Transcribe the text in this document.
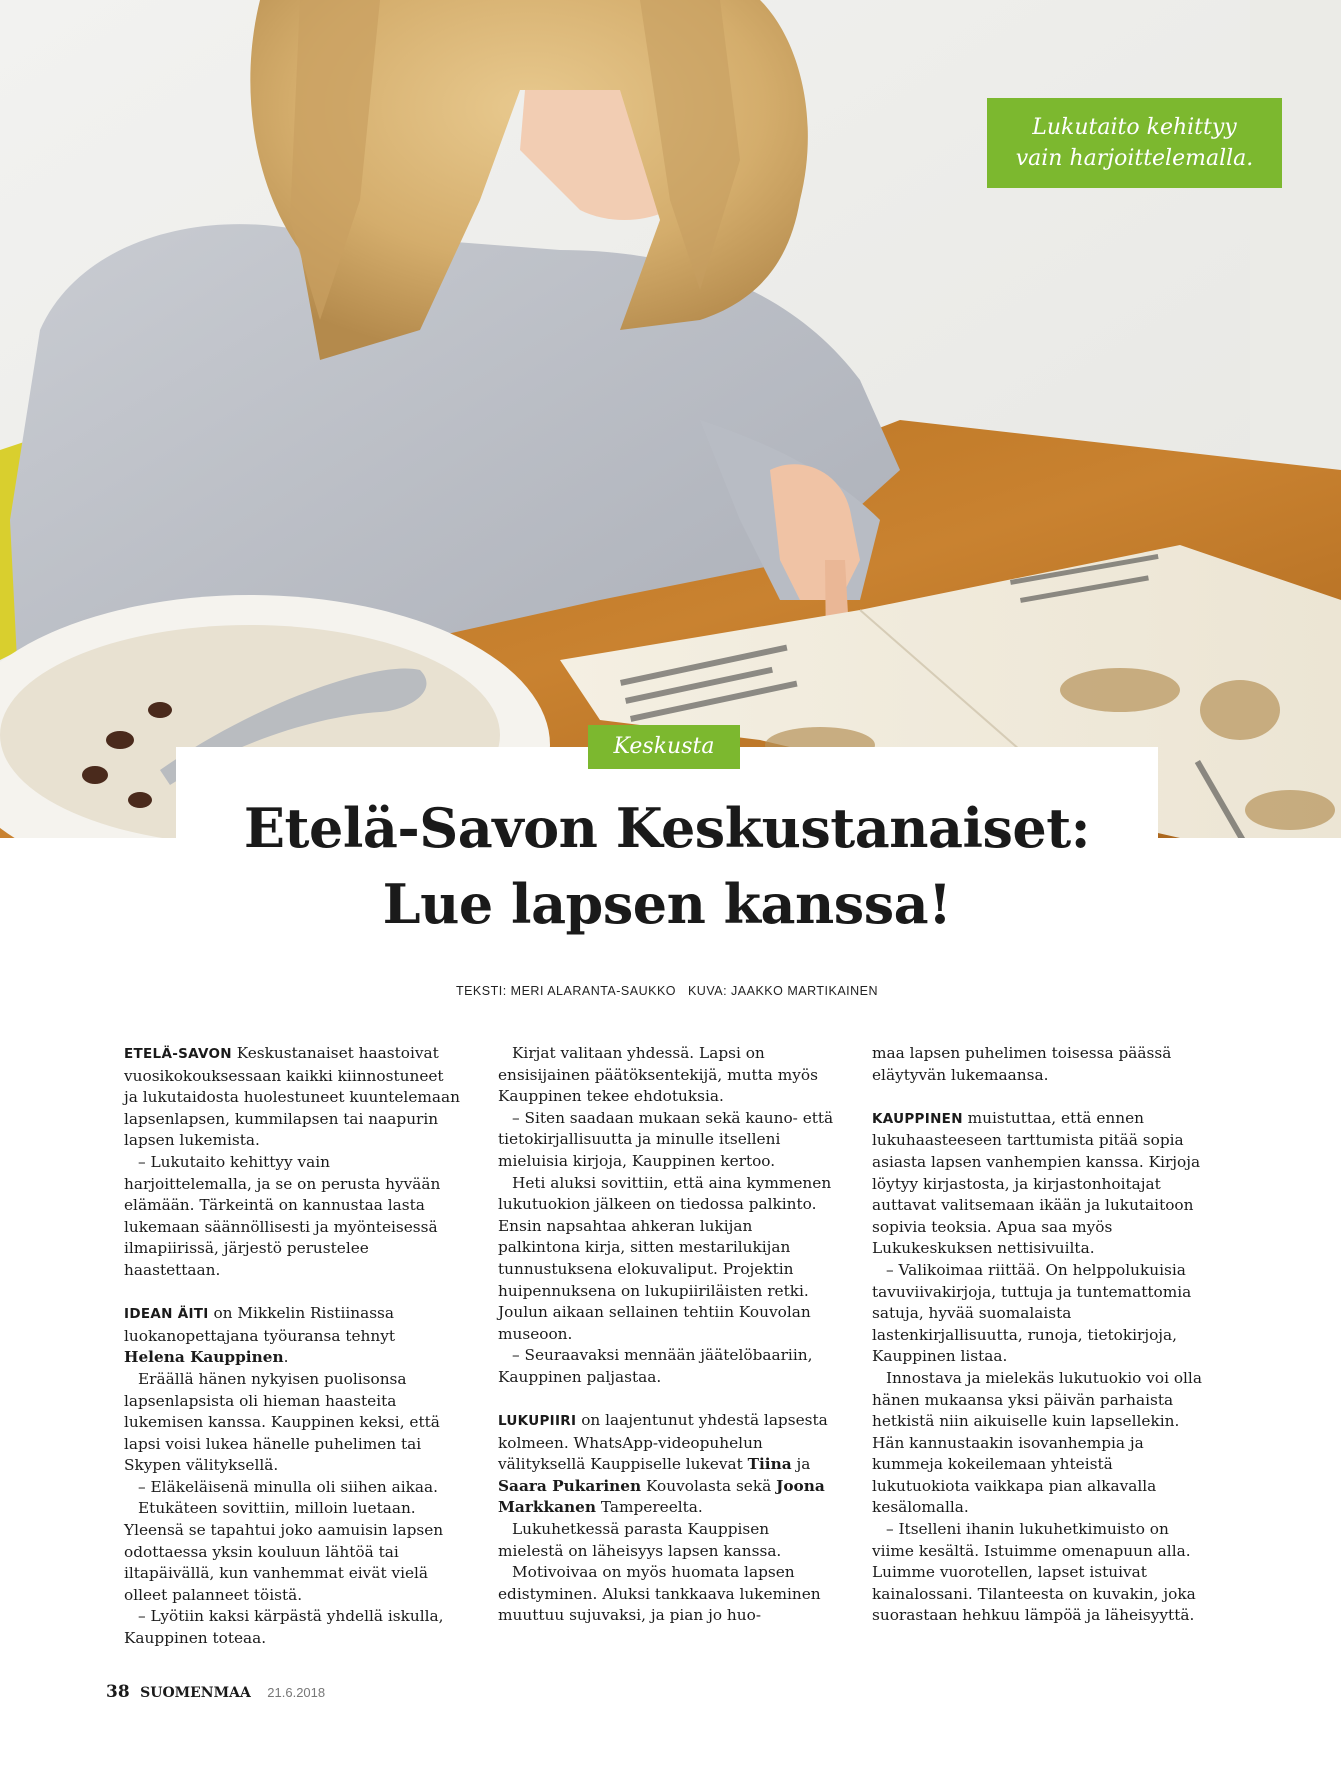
Lukutaito kehittyy
vain harjoittelemalla.
Keskusta
Etelä-Savon Keskustanaiset:
Lue lapsen kanssa!
TEKSTI: MERI ALARANTA-SAUKKO KUVA: JAAKKO MARTIKAINEN

ETELÄ-SAVON Keskustanaiset haastoivat vuosikokouksessaan kaikki kiinnostuneet ja lukutaidosta huolestuneet kuuntelemaan lapsenlapsen, kummilapsen tai naapurin lapsen lukemista.

– Lukutaito kehittyy vain harjoittelemalla, ja se on perusta hyvään elämään. Tärkeintä on kannustaa lasta lukemaan säännöllisesti ja myönteisessä ilmapiirissä, järjestö perustelee haastettaan.

IDEAN ÄITI on Mikkelin Ristiinassa luokanopettajana työuransa tehnyt Helena Kauppinen.

Eräällä hänen nykyisen puolisonsa lapsenlapsista oli hieman haasteita lukemisen kanssa. Kauppinen keksi, että lapsi voisi lukea hänelle puhelimen tai Skypen välityksellä.

– Eläkeläisenä minulla oli siihen aikaa.

Etukäteen sovittiin, milloin luetaan. Yleensä se tapahtui joko aamuisin lapsen odottaessa yksin kouluun lähtöä tai iltapäivällä, kun vanhemmat eivät vielä olleet palanneet töistä.

– Lyötiin kaksi kärpästä yhdellä iskulla, Kauppinen toteaa.

Kirjat valitaan yhdessä. Lapsi on ensisijainen päätöksentekijä, mutta myös Kauppinen tekee ehdotuksia.

– Siten saadaan mukaan sekä kauno- että tietokirjallisuutta ja minulle itselleni mieluisia kirjoja, Kauppinen kertoo.

Heti aluksi sovittiin, että aina kymmenen lukutuokion jälkeen on tiedossa palkinto. Ensin napsahtaa ahkeran lukijan palkintona kirja, sitten mestarilukijan tunnustuksena elokuvaliput. Projektin huipennuksena on lukupiiriläisten retki. Joulun aikaan sellainen tehtiin Kouvolan museoon.

– Seuraavaksi mennään jäätelöbaariin, Kauppinen paljastaa.

LUKUPIIRI on laajentunut yhdestä lapsesta kolmeen. WhatsApp-videopuhelun välityksellä Kauppiselle lukevat Tiina ja Saara Pukarinen Kouvolasta sekä Joona Markkanen Tampereelta.

Lukuhetkessä parasta Kauppisen mielestä on läheisyys lapsen kanssa.

Motivoivaa on myös huomata lapsen edistyminen. Aluksi tankkaava lukeminen muuttuu sujuvaksi, ja pian jo huo-

maa lapsen puhelimen toisessa päässä eläytyvän lukemaansa.

KAUPPINEN muistuttaa, että ennen lukuhaasteeseen tarttumista pitää sopia asiasta lapsen vanhempien kanssa. Kirjoja löytyy kirjastosta, ja kirjastonhoitajat auttavat valitsemaan ikään ja lukutaitoon sopivia teoksia. Apua saa myös Lukukeskuksen nettisivuilta.

– Valikoimaa riittää. On helppolukuisia tavuviivakirjoja, tuttuja ja tuntemattomia satuja, hyvää suomalaista lastenkirjallisuutta, runoja, tietokirjoja, Kauppinen listaa.

Innostava ja mielekäs lukutuokio voi olla hänen mukaansa yksi päivän parhaista hetkistä niin aikuiselle kuin lapsellekin. Hän kannustaakin isovanhempia ja kummeja kokeilemaan yhteistä lukutuokiota vaikkapa pian alkavalla kesälomalla.

– Itselleni ihanin lukuhetkimuisto on viime kesältä. Istuimme omenapuun alla. Luimme vuorotellen, lapset istuivat kainalossani. Tilanteesta on kuvakin, joka suorastaan hehkuu lämpöä ja läheisyyttä.

38 SUOMENMAA 21.6.2018
